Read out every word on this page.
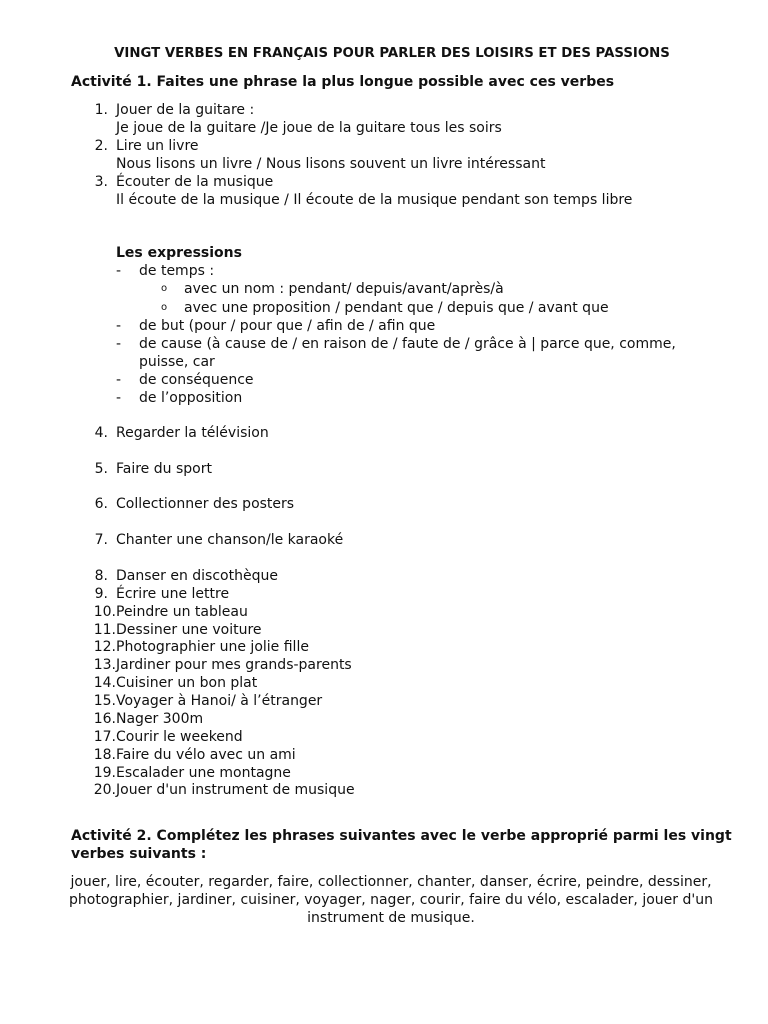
VINGT VERBES EN FRANÇAIS POUR PARLER DES LOISIRS ET DES PASSIONS
Activité 1. Faites une phrase la plus longue possible avec ces verbes
1. Jouer de la guitare :
Je joue de la guitare /Je joue de la guitare tous les soirs
2. Lire un livre
Nous lisons un livre / Nous lisons souvent un livre intéressant
3. Écouter de la musique
Il écoute de la musique / Il écoute de la musique pendant son temps libre
Les expressions
- de temps :
o avec un nom : pendant/ depuis/avant/après/à
o avec une proposition / pendant que / depuis que / avant que
- de but (pour / pour que / afin de / afin que
- de cause (à cause de / en raison de / faute de / grâce à | parce que, comme,
puisse, car
- de conséquence
- de l’opposition
4. Regarder la télévision
5. Faire du sport
6. Collectionner des posters
7. Chanter une chanson/le karaoké
8. Danser en discothèque
9. Écrire une lettre
10. Peindre un tableau
11. Dessiner une voiture
12. Photographier une jolie fille
13. Jardiner pour mes grands-parents
14. Cuisiner un bon plat
15. Voyager à Hanoi/ à l’étranger
16. Nager 300m
17. Courir le weekend
18. Faire du vélo avec un ami
19. Escalader une montagne
20. Jouer d'un instrument de musique
Activité 2. Complétez les phrases suivantes avec le verbe approprié parmi les vingt
verbes suivants :
jouer, lire, écouter, regarder, faire, collectionner, chanter, danser, écrire, peindre, dessiner,
photographier, jardiner, cuisiner, voyager, nager, courir, faire du vélo, escalader, jouer d'un
instrument de musique.
